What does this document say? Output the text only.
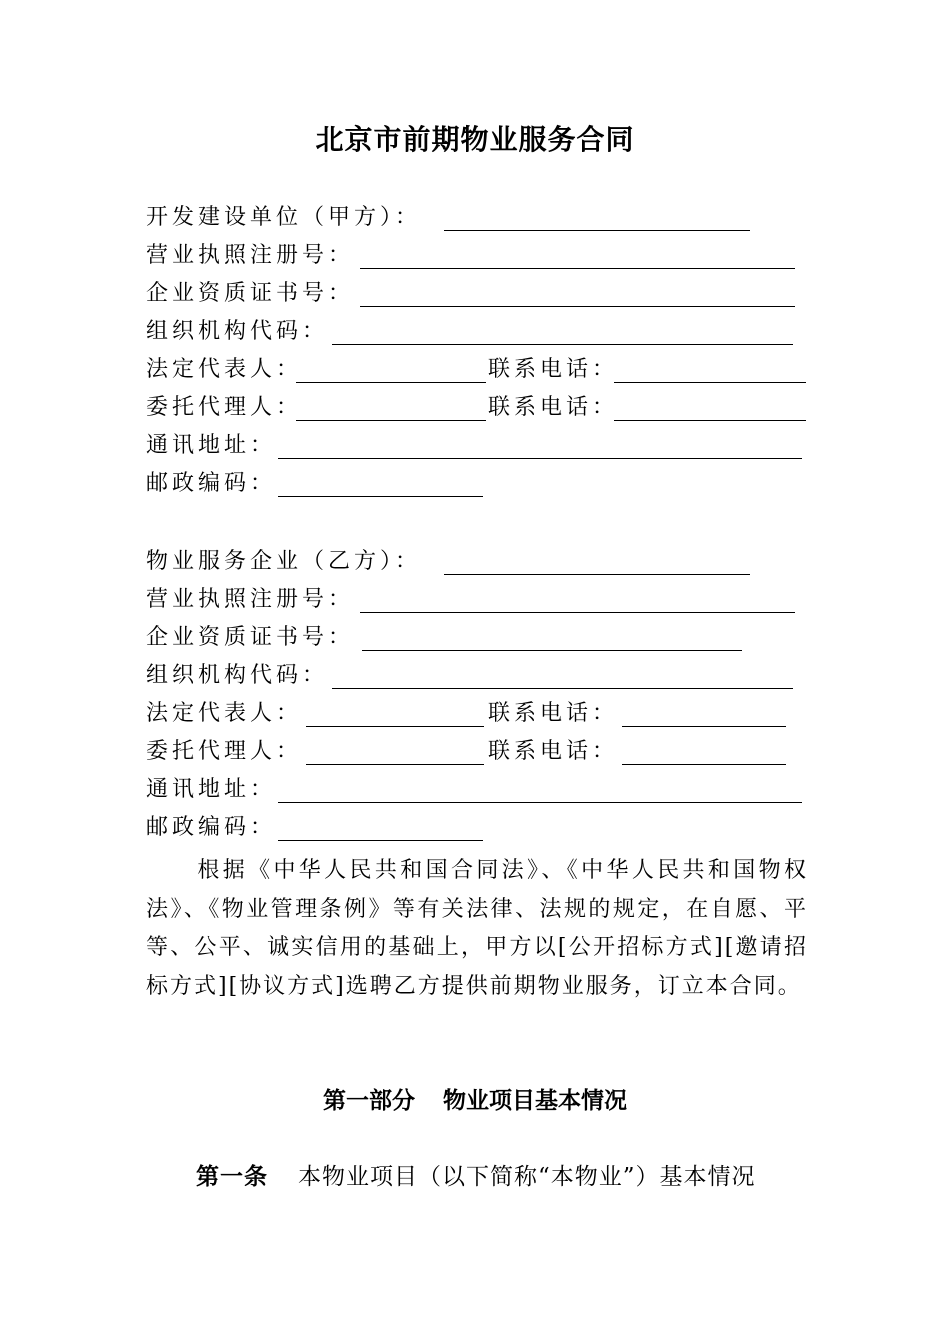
北京市前期物业服务合同
开发建设单位（甲方）：
营业执照注册号：
企业资质证书号：
组织机构代码：
法定代表人：	联系电话：
委托代理人：	联系电话：
通讯地址：
邮政编码：
物业服务企业（乙方）：
营业执照注册号：
企业资质证书号：
组织机构代码：
法定代表人：	联系电话：
委托代理人：	联系电话：
通讯地址：
邮政编码：
根据《中华人民共和国合同法》、《中华人民共和国物权法》、《物业管理条例》等有关法律、法规的规定，在自愿、平等、公平、诚实信用的基础上，甲方以[公开招标方式][邀请招标方式][协议方式]选聘乙方提供前期物业服务，订立本合同。
第一部分 物业项目基本情况
第一条 本物业项目（以下简称“本物业”）基本情况
